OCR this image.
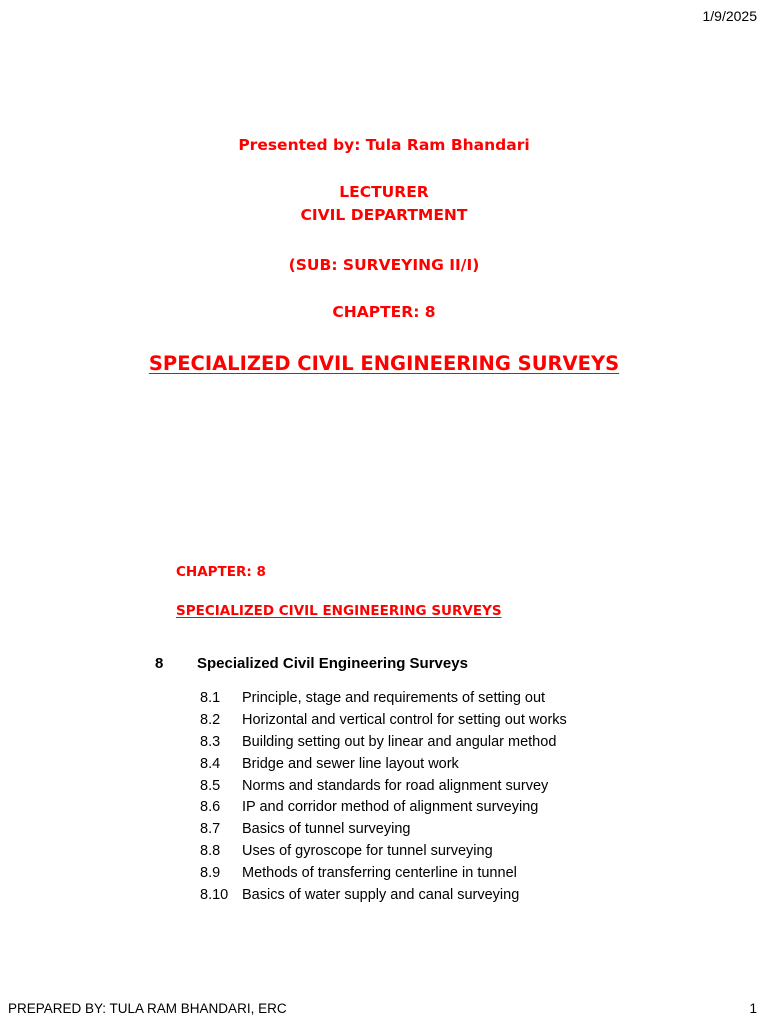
1/9/2025
Presented by: Tula Ram Bhandari
LECTURER
CIVIL DEPARTMENT
(SUB: SURVEYING II/I)
CHAPTER: 8
SPECIALIZED CIVIL ENGINEERING SURVEYS
CHAPTER: 8
SPECIALIZED CIVIL ENGINEERING SURVEYS
8 Specialized Civil Engineering Surveys
8.1 Principle, stage and requirements of setting out
8.2 Horizontal and vertical control for setting out works
8.3 Building setting out by linear and angular method
8.4 Bridge and sewer line layout work
8.5 Norms and standards for road alignment survey
8.6 IP and corridor method of alignment surveying
8.7 Basics of tunnel surveying
8.8 Uses of gyroscope for tunnel surveying
8.9 Methods of transferring centerline in tunnel
8.10 Basics of water supply and canal surveying
PREPARED BY: TULA RAM BHANDARI, ERC	1
